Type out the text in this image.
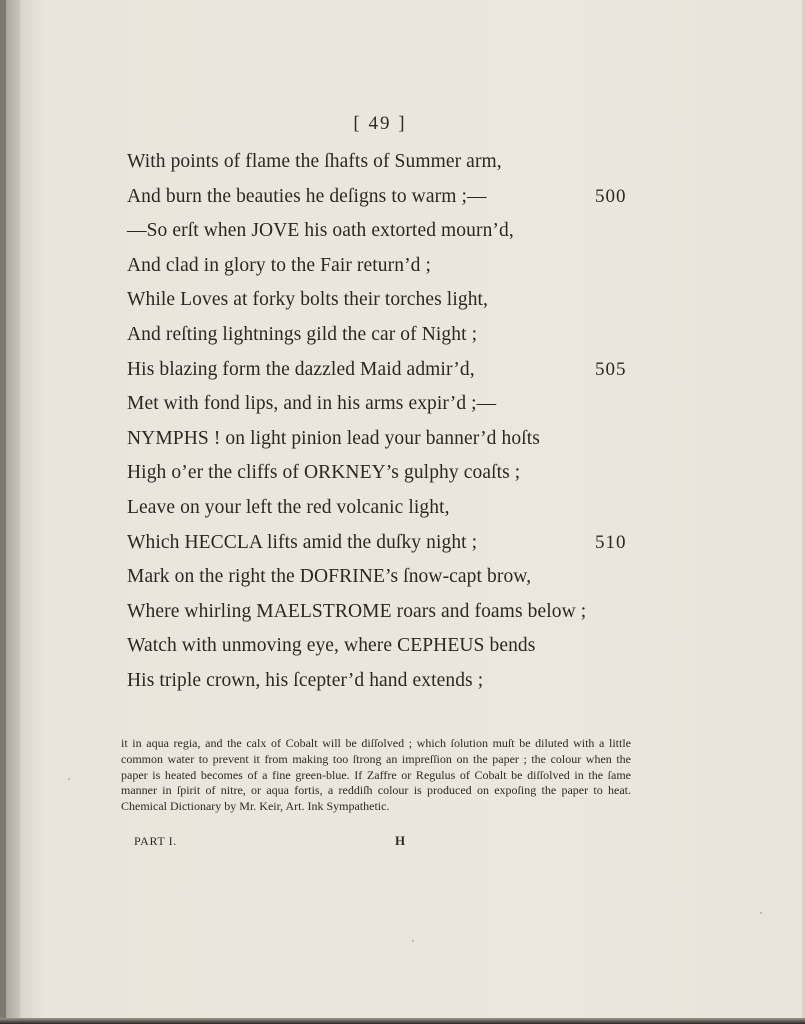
[ 49 ]
With points of flame the ſhafts of Summer arm,
And burn the beauties he deſigns to warm ;—	500
—So erſt when JOVE his oath extorted mourn’d,
And clad in glory to the Fair return’d ;
While Loves at forky bolts their torches light,
And reſting lightnings gild the car of Night ;
His blazing form the dazzled Maid admir’d,	505
Met with fond lips, and in his arms expir’d ;—
NYMPHS ! on light pinion lead your banner’d hoſts
High o’er the cliffs of ORKNEY’s gulphy coaſts ;
Leave on your left the red volcanic light,
Which HECCLA lifts amid the duſky night ;	510
Mark on the right the DOFRINE’s ſnow-capt brow,
Where whirling MAELSTROME roars and foams below ;
Watch with unmoving eye, where CEPHEUS bends
His triple crown, his ſcepter’d hand extends ;

it in aqua regia, and the calx of Cobalt will be diſſolved ; which ſolution muſt be diluted with a little common water to prevent it from making too ſtrong an impreſſion on the paper ; the colour when the paper is heated becomes of a fine green-blue. If Zaffre or Regulus of Cobalt be diſſolved in the ſame manner in ſpirit of nitre, or aqua fortis, a reddiſh colour is produced on expoſing the paper to heat. Chemical Dictionary by Mr. Keir, Art. Ink Sympathetic.

PART I.	H
